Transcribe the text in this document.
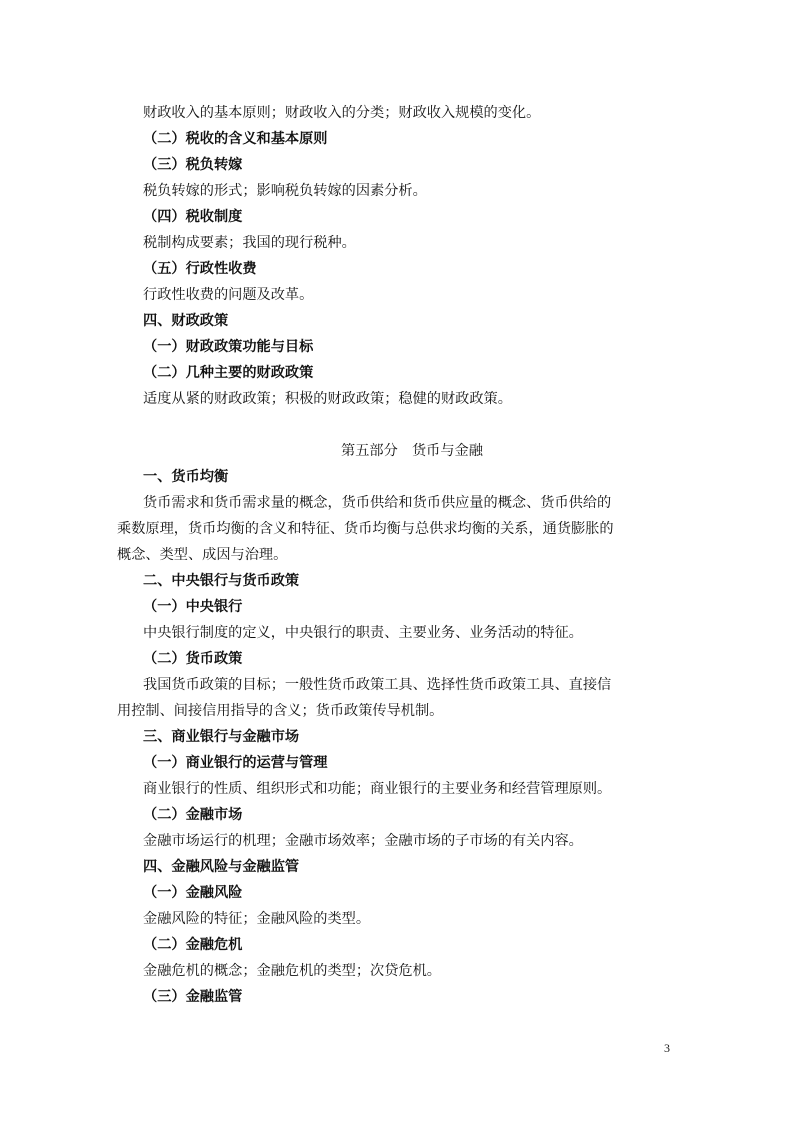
财政收入的基本原则；财政收入的分类；财政收入规模的变化。
（二）税收的含义和基本原则
（三）税负转嫁
税负转嫁的形式；影响税负转嫁的因素分析。
（四）税收制度
税制构成要素；我国的现行税种。
（五）行政性收费
行政性收费的问题及改革。
四、财政政策
（一）财政政策功能与目标
（二）几种主要的财政政策
适度从紧的财政政策；积极的财政政策；稳健的财政政策。
第五部分　货币与金融
一、货币均衡
货币需求和货币需求量的概念，货币供给和货币供应量的概念、货币供给的
乘数原理，货币均衡的含义和特征、货币均衡与总供求均衡的关系，通货膨胀的
概念、类型、成因与治理。
二、中央银行与货币政策
（一）中央银行
中央银行制度的定义，中央银行的职责、主要业务、业务活动的特征。
（二）货币政策
我国货币政策的目标；一般性货币政策工具、选择性货币政策工具、直接信
用控制、间接信用指导的含义；货币政策传导机制。
三、商业银行与金融市场
（一）商业银行的运营与管理
商业银行的性质、组织形式和功能；商业银行的主要业务和经营管理原则。
（二）金融市场
金融市场运行的机理；金融市场效率；金融市场的子市场的有关内容。
四、金融风险与金融监管
（一）金融风险
金融风险的特征；金融风险的类型。
（二）金融危机
金融危机的概念；金融危机的类型；次贷危机。
（三）金融监管
3
